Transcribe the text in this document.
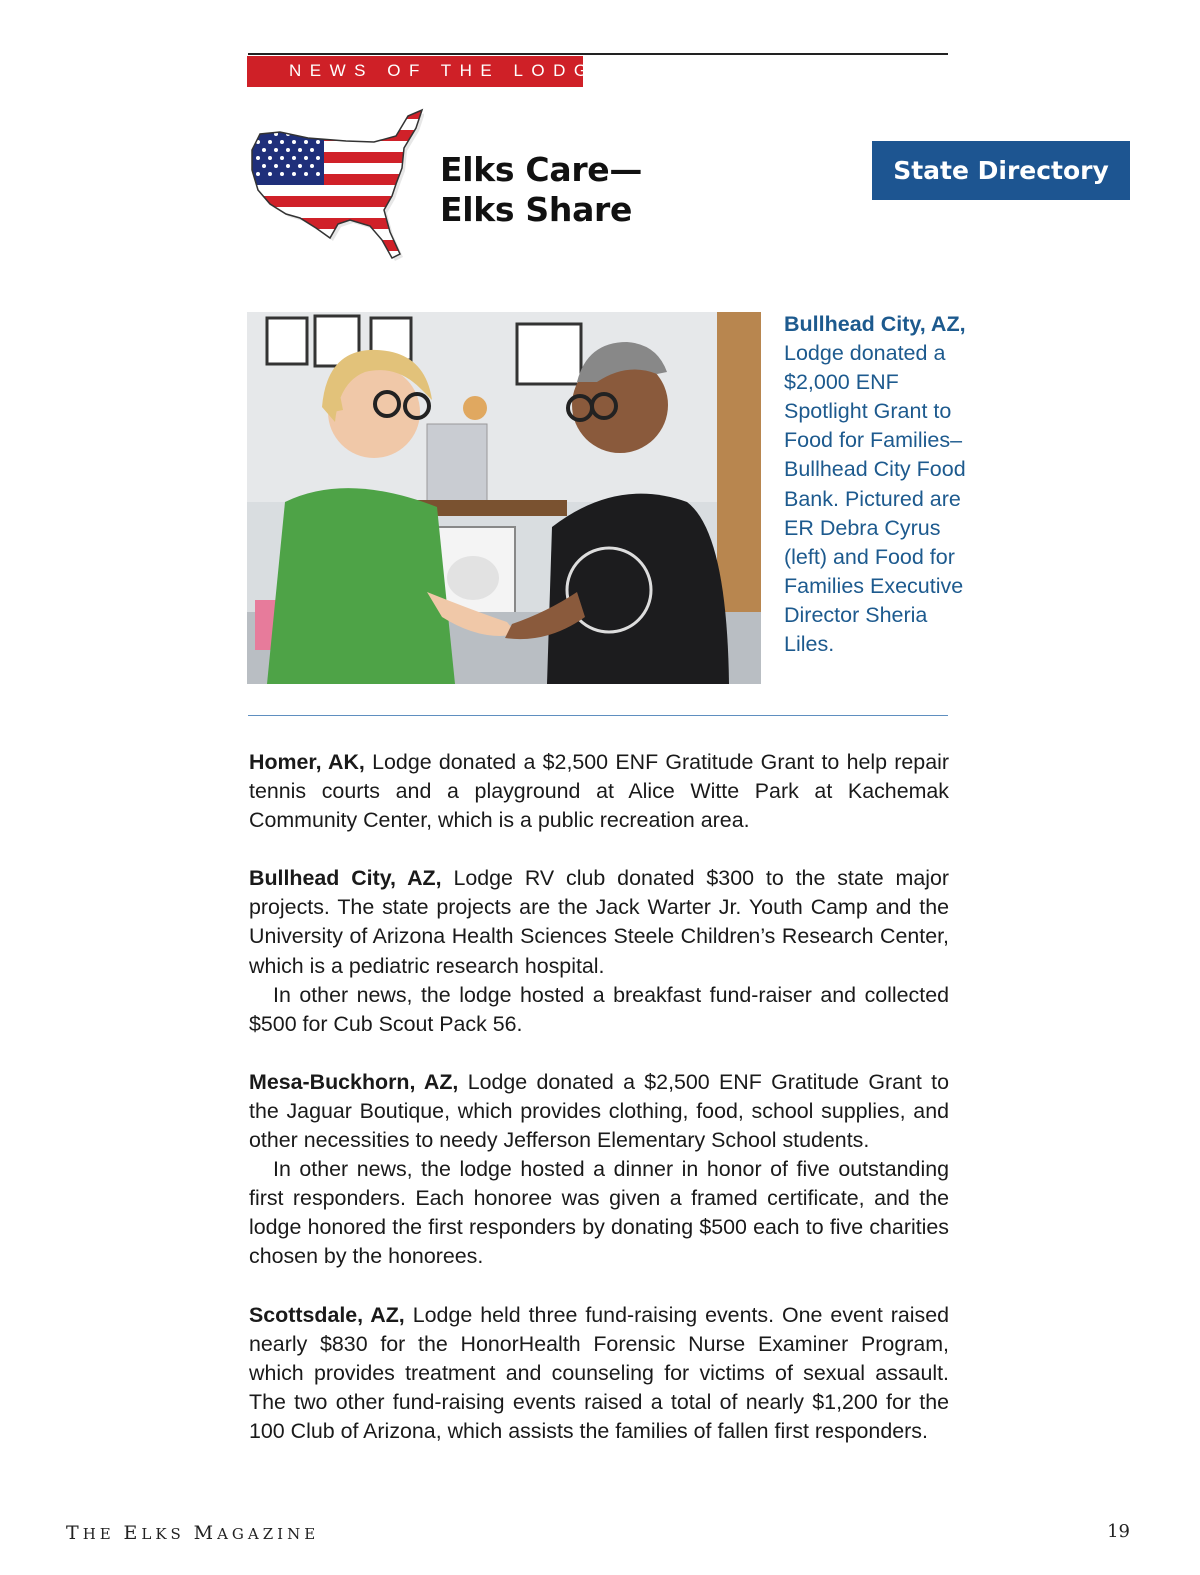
NEWS OF THE LODGES
Elks Care—
Elks Share
State Directory
Bullhead City, AZ, Lodge donated a $2,000 ENF Spotlight Grant to Food for Families–Bullhead City Food Bank. Pictured are ER Debra Cyrus (left) and Food for Families Executive Director Sheria Liles.

Homer, AK, Lodge donated a $2,500 ENF Gratitude Grant to help repair tennis courts and a playground at Alice Witte Park at Kachemak Community Center, which is a public recreation area.

Bullhead City, AZ, Lodge RV club donated $300 to the state major projects. The state projects are the Jack Warter Jr. Youth Camp and the University of Arizona Health Sciences Steele Children’s Research Center, which is a pediatric research hospital.

In other news, the lodge hosted a breakfast fund-raiser and collected $500 for Cub Scout Pack 56.

Mesa-Buckhorn, AZ, Lodge donated a $2,500 ENF Gratitude Grant to the Jaguar Boutique, which provides clothing, food, school supplies, and other necessities to needy Jefferson Elementary School students.

In other news, the lodge hosted a dinner in honor of five outstanding first responders. Each honoree was given a framed certificate, and the lodge honored the first responders by donating $500 each to five charities chosen by the honorees.

Scottsdale, AZ, Lodge held three fund-raising events. One event raised nearly $830 for the HonorHealth Forensic Nurse Examiner Program, which provides treatment and counseling for victims of sexual assault. The two other fund-raising events raised a total of nearly $1,200 for the 100 Club of Arizona, which assists the families of fallen first responders.

THE ELKS MAGAZINE	19
